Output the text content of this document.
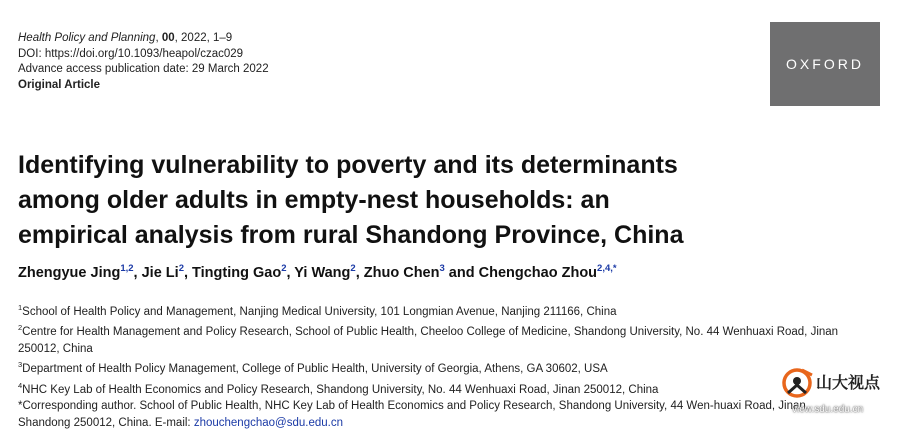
Health Policy and Planning, 00, 2022, 1–9
DOI: https://doi.org/10.1093/heapol/czac029
Advance access publication date: 29 March 2022
Original Article
OXFORD
Identifying vulnerability to poverty and its determinants
among older adults in empty-nest households: an
empirical analysis from rural Shandong Province, China
Zhengyue Jing$^{1,2}$, Jie Li$^2$, Tingting Gao$^2$, Yi Wang$^2$, Zhuo Chen$^3$ and Chengchao Zhou$^{2,4,*}$
$^1$School of Health Policy and Management, Nanjing Medical University, 101 Longmian Avenue, Nanjing 211166, China
$^2$Centre for Health Management and Policy Research, School of Public Health, Cheeloo College of Medicine, Shandong University, No. 44 Wenhuaxi Road, Jinan 250012, China
$^3$Department of Health Policy Management, College of Public Health, University of Georgia, Athens, GA 30602, USA
$^4$NHC Key Lab of Health Economics and Policy Research, Shandong University, No. 44 Wenhuaxi Road, Jinan 250012, China
*Corresponding author. School of Public Health, NHC Key Lab of Health Economics and Policy Research, Shandong University, 44 Wen-huaxi Road, Jinan, Shandong 250012, China. E-mail: zhouchengchao@sdu.edu.cn
山大视点
view.sdu.edu.cn
